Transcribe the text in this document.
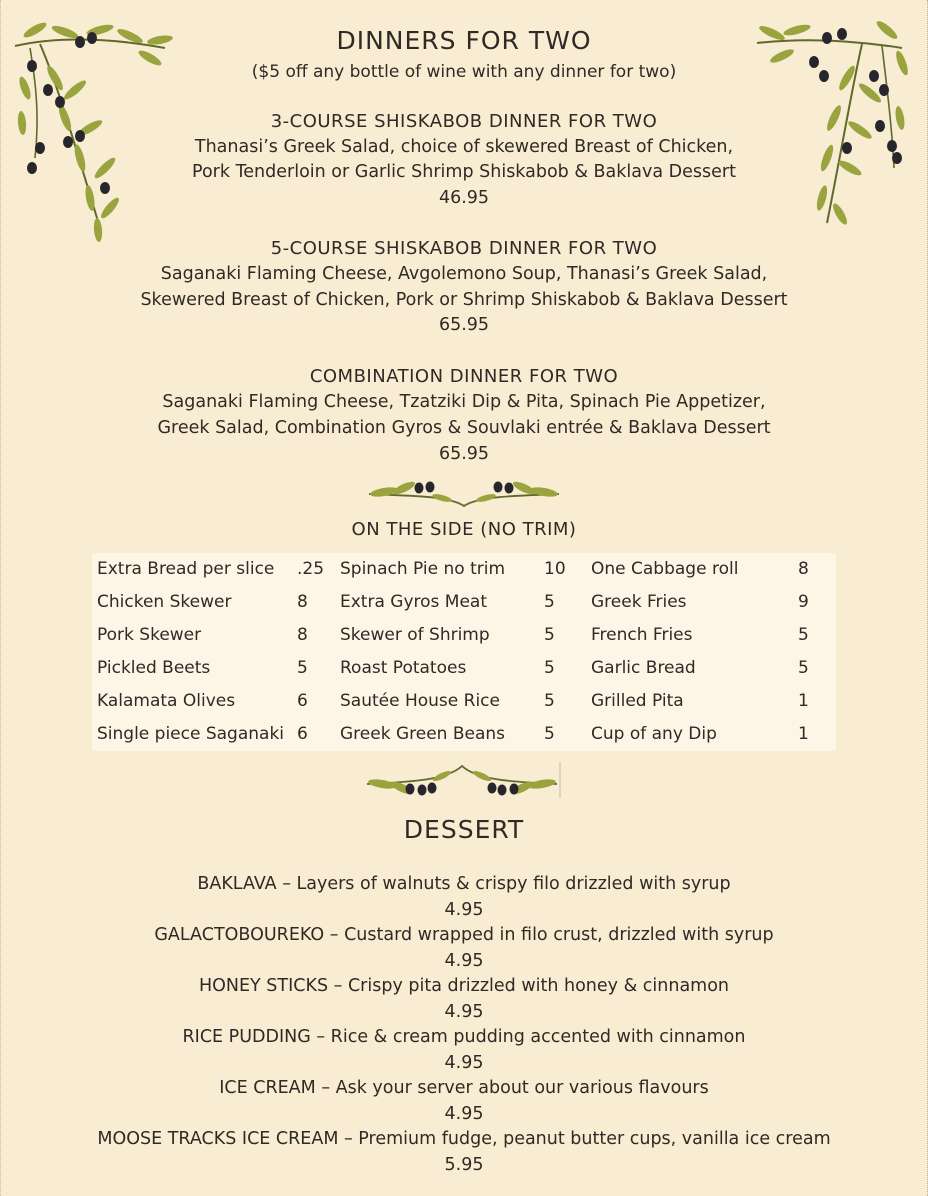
DINNERS FOR TWO
($5 off any bottle of wine with any dinner for two)
3-COURSE SHISKABOB DINNER FOR TWO
Thanasi’s Greek Salad, choice of skewered Breast of Chicken,
Pork Tenderloin or Garlic Shrimp Shiskabob & Baklava Dessert
46.95
5-COURSE SHISKABOB DINNER FOR TWO
Saganaki Flaming Cheese, Avgolemono Soup, Thanasi’s Greek Salad,
Skewered Breast of Chicken, Pork or Shrimp Shiskabob & Baklava Dessert
65.95
COMBINATION DINNER FOR TWO
Saganaki Flaming Cheese, Tzatziki Dip & Pita, Spinach Pie Appetizer,
Greek Salad, Combination Gyros & Souvlaki entrée & Baklava Dessert
65.95
ON THE SIDE (NO TRIM)
Extra Bread per slice .25 Spinach Pie no trim 10 One Cabbage roll	8
Chicken Skewer	8 Extra Gyros Meat	5 Greek Fries	9
Pork Skewer	8 Skewer of Shrimp	5 French Fries	5
Pickled Beets	5 Roast Potatoes	5 Garlic Bread	5
Kalamata Olives	6 Sautée House Rice	5 Grilled Pita	1
Single piece Saganaki 6 Greek Green Beans 5 Cup of any Dip	1
DESSERT
BAKLAVA – Layers of walnuts & crispy filo drizzled with syrup
4.95
GALACTOBOUREKO – Custard wrapped in filo crust, drizzled with syrup
4.95
HONEY STICKS – Crispy pita drizzled with honey & cinnamon
4.95
RICE PUDDING – Rice & cream pudding accented with cinnamon
4.95
ICE CREAM – Ask your server about our various flavours
4.95
MOOSE TRACKS ICE CREAM – Premium fudge, peanut butter cups, vanilla ice cream
5.95
